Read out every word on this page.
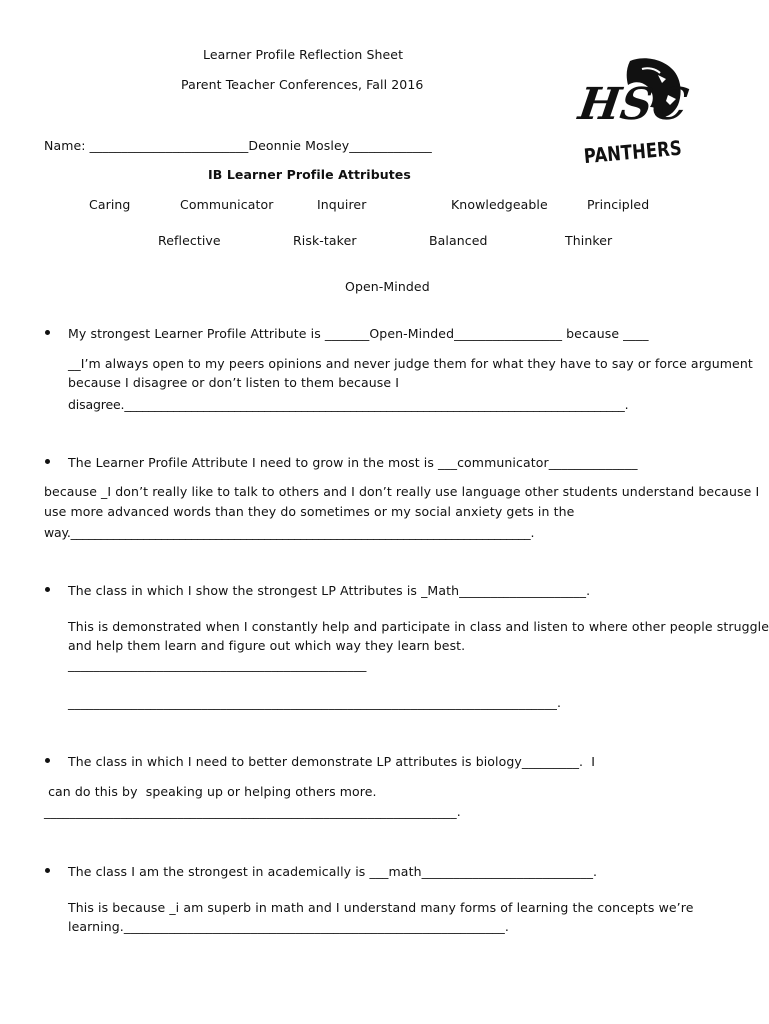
Learner Profile Reflection Sheet
Parent Teacher Conferences, Fall 2016
Name: _________________________Deonnie Mosley_____________
HSC
PANTHERS
IB Learner Profile Attributes
Caring	Communicator	Inquirer	Knowledgeable	Principled
Reflective	Risk-taker	Balanced	Thinker
Open-Minded
My strongest Learner Profile Attribute is _______Open-Minded_________________ because ____
__I’m always open to my peers opinions and never judge them for what they have to say or force argument
because I disagree or don’t listen to them because I
disagree.__________________________________________________________________________________.
The Learner Profile Attribute I need to grow in the most is ___communicator______________
because _I don’t really like to talk to others and I don’t really use language other students understand because I
use more advanced words than they do sometimes or my social anxiety gets in the
way.____________________________________________________________________________.
The class in which I show the strongest LP Attributes is _Math____________________.
This is demonstrated when I constantly help and participate in class and listen to where other people struggle
and help them learn and figure out which way they learn best.
_______________________________________________
_____________________________________________________________________________.
The class in which I need to better demonstrate LP attributes is biology_________.  I
can do this by  speaking up or helping others more.
_________________________________________________________________.
The class I am the strongest in academically is ___math___________________________.
This is because _i am superb in math and I understand many forms of learning the concepts we’re
learning.____________________________________________________________.
